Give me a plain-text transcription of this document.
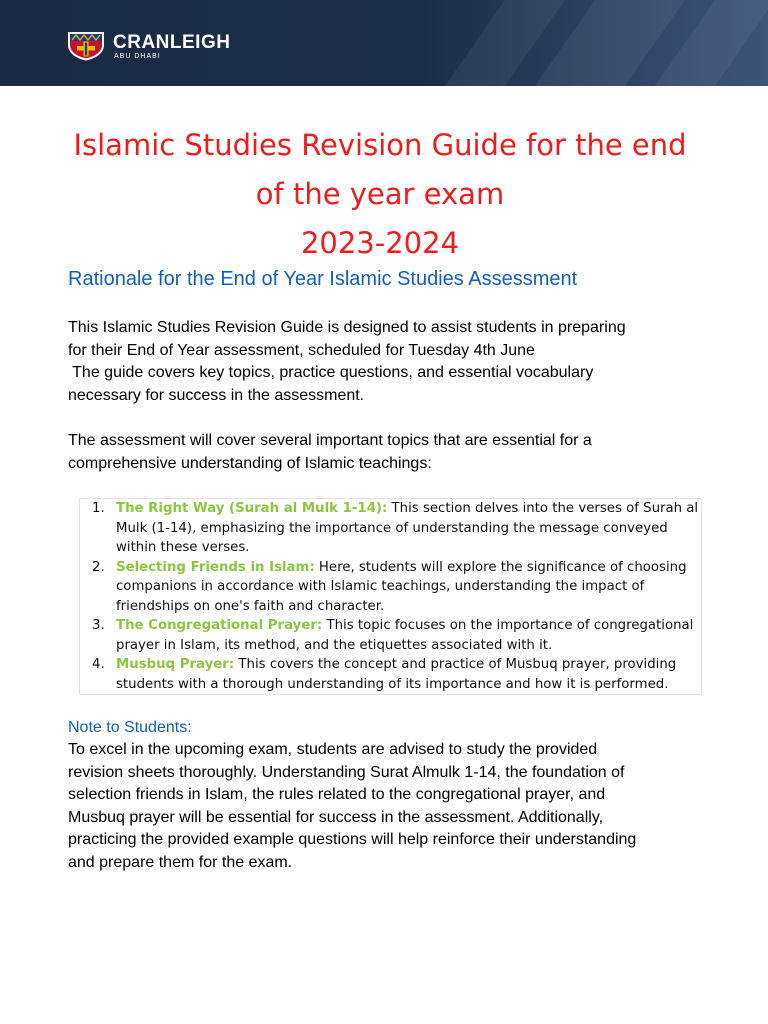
CRANLEIGH
ABU DHABI
Islamic Studies Revision Guide for the end
of the year exam
2023-2024
Rationale for the End of Year Islamic Studies Assessment

This Islamic Studies Revision Guide is designed to assist students in preparing
for their End of Year assessment, scheduled for Tuesday 4th June
The guide covers key topics, practice questions, and essential vocabulary
necessary for success in the assessment.

The assessment will cover several important topics that are essential for a
comprehensive understanding of Islamic teachings:

1. The Right Way (Surah al Mulk 1-14): This section delves into the verses of Surah al
Mulk (1-14), emphasizing the importance of understanding the message conveyed
within these verses.
2. Selecting Friends in Islam: Here, students will explore the significance of choosing
companions in accordance with Islamic teachings, understanding the impact of
friendships on one's faith and character.
3. The Congregational Prayer: This topic focuses on the importance of congregational
prayer in Islam, its method, and the etiquettes associated with it.
4. Musbuq Prayer: This covers the concept and practice of Musbuq prayer, providing
students with a thorough understanding of its importance and how it is performed.
Note to Students:

To excel in the upcoming exam, students are advised to study the provided
revision sheets thoroughly. Understanding Surat Almulk 1-14, the foundation of
selection friends in Islam, the rules related to the congregational prayer, and
Musbuq prayer will be essential for success in the assessment. Additionally,
practicing the provided example questions will help reinforce their understanding
and prepare them for the exam.
